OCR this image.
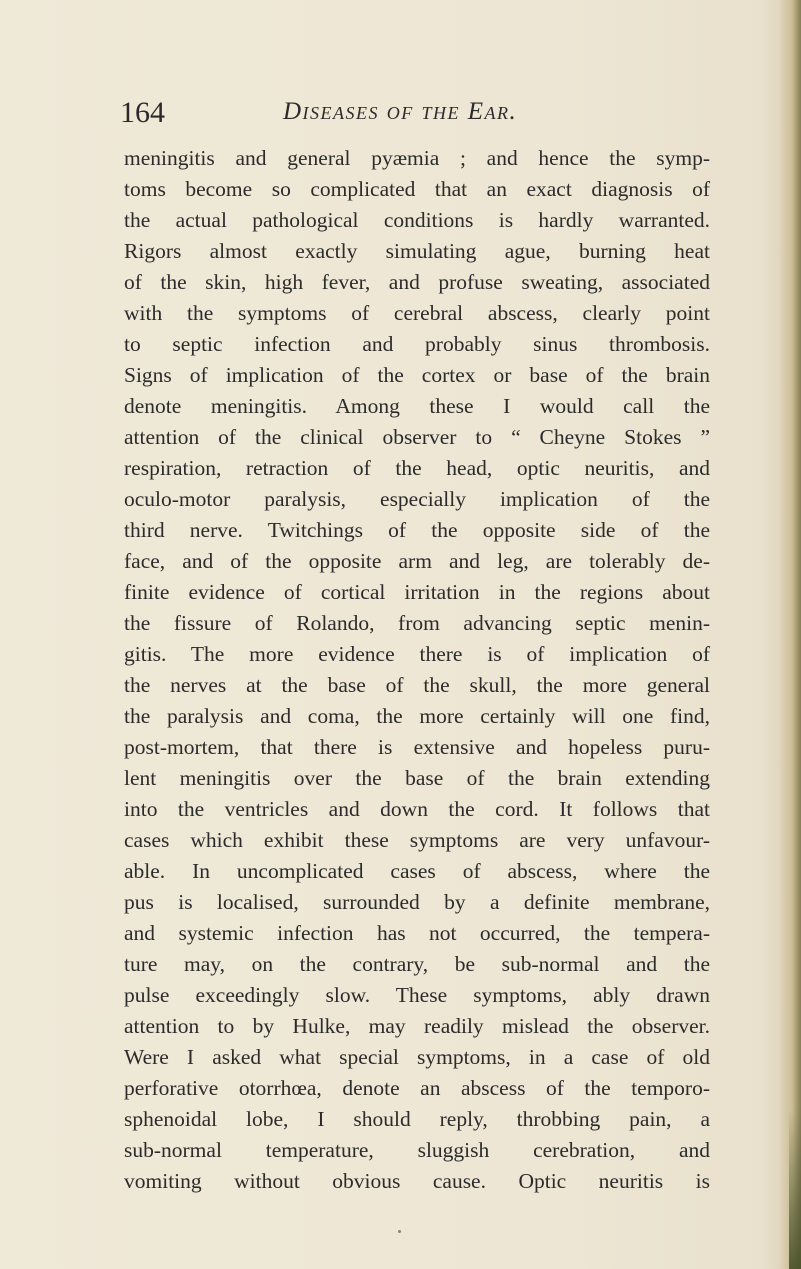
164	Diseases of the Ear.
meningitis and general pyæmia ; and hence the symp-
toms become so complicated that an exact diagnosis of
the actual pathological conditions is hardly warranted.
Rigors almost exactly simulating ague, burning heat
of the skin, high fever, and profuse sweating, associated
with the symptoms of cerebral abscess, clearly point
to septic infection and probably sinus thrombosis.
Signs of implication of the cortex or base of the brain
denote meningitis. Among these I would call the
attention of the clinical observer to “ Cheyne Stokes ”
respiration, retraction of the head, optic neuritis, and
oculo-motor paralysis, especially implication of the
third nerve. Twitchings of the opposite side of the
face, and of the opposite arm and leg, are tolerably de-
finite evidence of cortical irritation in the regions about
the fissure of Rolando, from advancing septic menin-
gitis. The more evidence there is of implication of
the nerves at the base of the skull, the more general
the paralysis and coma, the more certainly will one find,
post-mortem, that there is extensive and hopeless puru-
lent meningitis over the base of the brain extending
into the ventricles and down the cord. It follows that
cases which exhibit these symptoms are very unfavour-
able. In uncomplicated cases of abscess, where the
pus is localised, surrounded by a definite membrane,
and systemic infection has not occurred, the tempera-
ture may, on the contrary, be sub-normal and the
pulse exceedingly slow. These symptoms, ably drawn
attention to by Hulke, may readily mislead the observer.
Were I asked what special symptoms, in a case of old
perforative otorrhœa, denote an abscess of the temporo-
sphenoidal lobe, I should reply, throbbing pain, a
sub-normal temperature, sluggish cerebration, and
vomiting without obvious cause. Optic neuritis is
